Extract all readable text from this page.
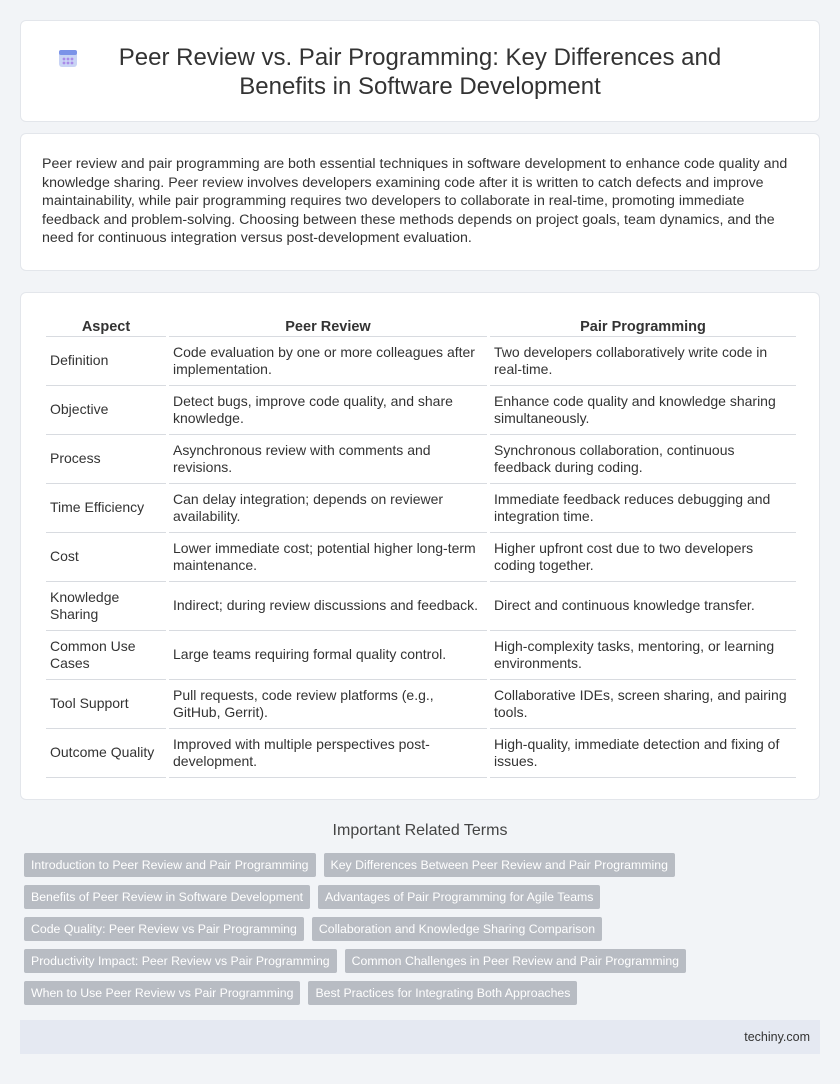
Peer Review vs. Pair Programming: Key Differences and Benefits in Software Development

Peer review and pair programming are both essential techniques in software development to enhance code quality and knowledge sharing. Peer review involves developers examining code after it is written to catch defects and improve maintainability, while pair programming requires two developers to collaborate in real-time, promoting immediate feedback and problem-solving. Choosing between these methods depends on project goals, team dynamics, and the need for continuous integration versus post-development evaluation.

Aspect	Peer Review	Pair Programming
Definition	Code evaluation by one or more colleagues after implementation.	Two developers collaboratively write code in real-time.
Objective	Detect bugs, improve code quality, and share knowledge.	Enhance code quality and knowledge sharing simultaneously.
Process	Asynchronous review with comments and revisions.	Synchronous collaboration, continuous feedback during coding.
Time Efficiency	Can delay integration; depends on reviewer availability.	Immediate feedback reduces debugging and integration time.
Cost	Lower immediate cost; potential higher long-term maintenance.	Higher upfront cost due to two developers coding together.
Knowledge Sharing	Indirect; during review discussions and feedback.	Direct and continuous knowledge transfer.
Common Use Cases	Large teams requiring formal quality control.	High-complexity tasks, mentoring, or learning environments.
Tool Support	Pull requests, code review platforms (e.g., GitHub, Gerrit).	Collaborative IDEs, screen sharing, and pairing tools.
Outcome Quality	Improved with multiple perspectives post-development.	High-quality, immediate detection and fixing of issues.
Important Related Terms
Introduction to Peer Review and Pair Programming	Key Differences Between Peer Review and Pair Programming
Benefits of Peer Review in Software Development	Advantages of Pair Programming for Agile Teams
Code Quality: Peer Review vs Pair Programming	Collaboration and Knowledge Sharing Comparison
Productivity Impact: Peer Review vs Pair Programming	Common Challenges in Peer Review and Pair Programming
When to Use Peer Review vs Pair Programming	Best Practices for Integrating Both Approaches
techiny.com
